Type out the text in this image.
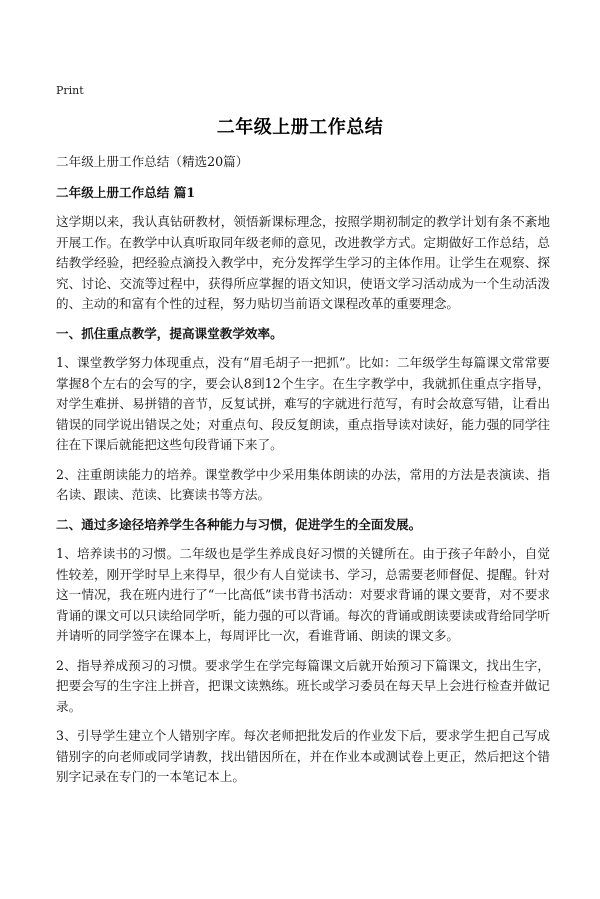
Print
二年级上册工作总结
二年级上册工作总结（精选20篇）
二年级上册工作总结 篇1
这学期以来，我认真钻研教材，领悟新课标理念，按照学期初制定的教学计划有条不紊地开展工作。在教学中认真听取同年级老师的意见，改进教学方式。定期做好工作总结，总结教学经验，把经验点滴投入教学中，充分发挥学生学习的主体作用。让学生在观察、探究、讨论、交流等过程中，获得所应掌握的语文知识，使语文学习活动成为一个生动活泼的、主动的和富有个性的过程，努力贴切当前语文课程改革的重要理念。
一、抓住重点教学，提高课堂教学效率。
1、课堂教学努力体现重点，没有“眉毛胡子一把抓”。比如：二年级学生每篇课文常常要掌握8个左右的会写的字，要会认8到12个生字。在生字教学中，我就抓住重点字指导，对学生难拼、易拼错的音节，反复试拼，难写的字就进行范写，有时会故意写错，让看出错误的同学说出错误之处；对重点句、段反复朗读，重点指导读对读好，能力强的同学往往在下课后就能把这些句段背诵下来了。
2、注重朗读能力的培养。课堂教学中少采用集体朗读的办法，常用的方法是表演读、指名读、跟读、范读、比赛读书等方法。
二、通过多途径培养学生各种能力与习惯，促进学生的全面发展。
1、培养读书的习惯。二年级也是学生养成良好习惯的关键所在。由于孩子年龄小，自觉性较差，刚开学时早上来得早，很少有人自觉读书、学习，总需要老师督促、提醒。针对这一情况，我在班内进行了“一比高低”读书背书活动：对要求背诵的课文要背，对不要求背诵的课文可以只读给同学听，能力强的可以背诵。每次的背诵或朗读要读或背给同学听并请听的同学签字在课本上，每周评比一次，看谁背诵、朗读的课文多。
2、指导养成预习的习惯。要求学生在学完每篇课文后就开始预习下篇课文，找出生字，把要会写的生字注上拼音，把课文读熟练。班长或学习委员在每天早上会进行检查并做记录。
3、引导学生建立个人错别字库。每次老师把批发后的作业发下后，要求学生把自己写成错别字的向老师或同学请教，找出错因所在，并在作业本或测试卷上更正，然后把这个错别字记录在专门的一本笔记本上。
